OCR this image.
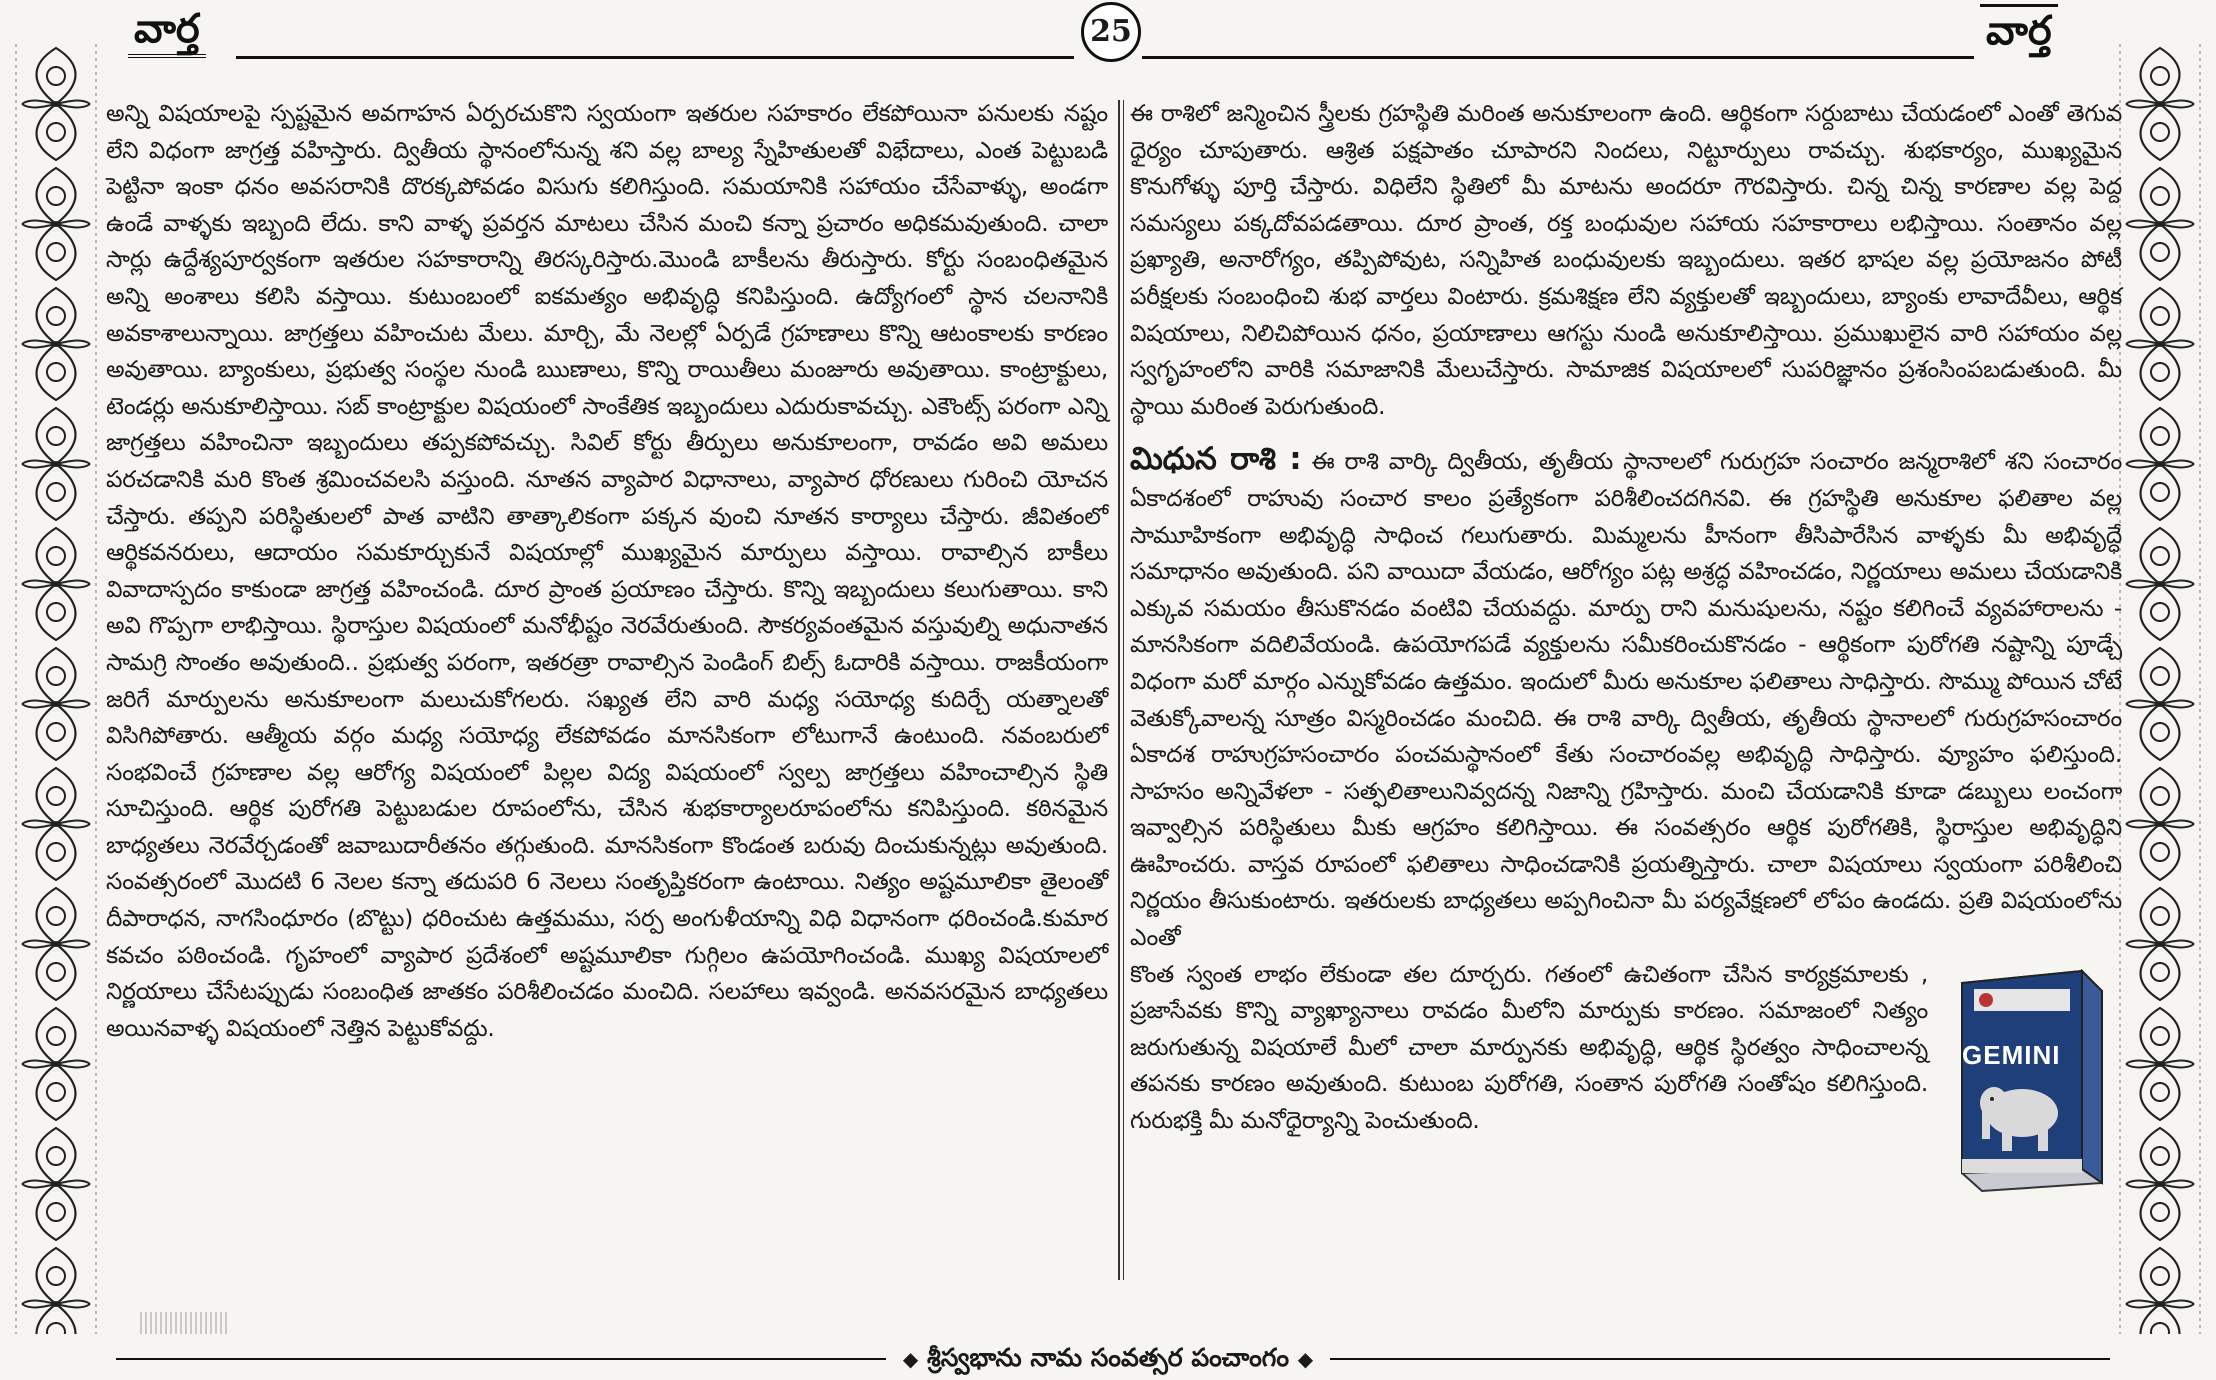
వార్త	25	వార్త

అన్ని విషయాలపై స్పష్టమైన అవగాహన ఏర్పరచుకొని స్వయంగా ఇతరుల సహకారం లేకపోయినా పనులకు నష్టం లేని విధంగా జాగ్రత్త వహిస్తారు. ద్వితీయ స్థానంలోనున్న శని వల్ల బాల్య స్నేహితులతో విభేదాలు, ఎంత పెట్టుబడి పెట్టినా ఇంకా ధనం అవసరానికి దొరక్కపోవడం విసుగు కలిగిస్తుంది. సమయానికి సహాయం చేసేవాళ్ళు, అండగా ఉండే వాళ్ళకు ఇబ్బంది లేదు. కాని వాళ్ళ ప్రవర్తన మాటలు చేసిన మంచి కన్నా ప్రచారం అధికమవుతుంది. చాలా సార్లు ఉద్దేశ్యపూర్వకంగా ఇతరుల సహకారాన్ని తిరస్కరిస్తారు.మొండి బాకీలను తీరుస్తారు. కోర్టు సంబంధితమైన అన్ని అంశాలు కలిసి వస్తాయి. కుటుంబంలో ఐకమత్యం అభివృద్ధి కనిపిస్తుంది. ఉద్యోగంలో స్థాన చలనానికి అవకాశాలున్నాయి. జాగ్రత్తలు వహించుట మేలు. మార్చి, మే నెలల్లో ఏర్పడే గ్రహణాలు కొన్ని ఆటంకాలకు కారణం అవుతాయి. బ్యాంకులు, ప్రభుత్వ సంస్థల నుండి ఋణాలు, కొన్ని రాయితీలు మంజూరు అవుతాయి. కాంట్రాక్టులు, టెండర్లు అనుకూలిస్తాయి. సబ్ కాంట్రాక్టుల విషయంలో సాంకేతిక ఇబ్బందులు ఎదురుకావచ్చు. ఎకౌంట్స్ పరంగా ఎన్ని జాగ్రత్తలు వహించినా ఇబ్బందులు తప్పకపోవచ్చు. సివిల్ కోర్టు తీర్పులు అనుకూలంగా, రావడం అవి అమలు పరచడానికి మరి కొంత శ్రమించవలసి వస్తుంది. నూతన వ్యాపార విధానాలు, వ్యాపార ధోరణులు గురించి యోచన చేస్తారు. తప్పని పరిస్థితులలో పాత వాటిని తాత్కాలికంగా పక్కన వుంచి నూతన కార్యాలు చేస్తారు. జీవితంలో ఆర్థికవనరులు, ఆదాయం సమకూర్చుకునే విషయాల్లో ముఖ్యమైన మార్పులు వస్తాయి. రావాల్సిన బాకీలు వివాదాస్పదం కాకుండా జాగ్రత్త వహించండి. దూర ప్రాంత ప్రయాణం చేస్తారు. కొన్ని ఇబ్బందులు కలుగుతాయి. కాని అవి గొప్పగా లాభిస్తాయి. స్థిరాస్తుల విషయంలో మనోభీష్టం నెరవేరుతుంది. సౌకర్యవంతమైన వస్తువుల్ని అధునాతన సామగ్రి సొంతం అవుతుంది.. ప్రభుత్వ పరంగా, ఇతరత్రా రావాల్సిన పెండింగ్ బిల్స్ ఓదారికి వస్తాయి. రాజకీయంగా జరిగే మార్పులను అనుకూలంగా మలుచుకోగలరు. సఖ్యత లేని వారి మధ్య సయోధ్య కుదిర్చే యత్నాలతో విసిగిపోతారు. ఆత్మీయ వర్గం మధ్య సయోధ్య లేకపోవడం మానసికంగా లోటుగానే ఉంటుంది. నవంబరులో సంభవించే గ్రహణాల వల్ల ఆరోగ్య విషయంలో పిల్లల విద్య విషయంలో స్వల్ప జాగ్రత్తలు వహించాల్సిన స్థితి సూచిస్తుంది. ఆర్థిక పురోగతి పెట్టుబడుల రూపంలోను, చేసిన శుభకార్యాలరూపంలోను కనిపిస్తుంది. కఠినమైన బాధ్యతలు నెరవేర్చడంతో జవాబుదారీతనం తగ్గుతుంది. మానసికంగా కొండంత బరువు దించుకున్నట్లు అవుతుంది. సంవత్సరంలో మొదటి 6 నెలల కన్నా తదుపరి 6 నెలలు సంతృప్తికరంగా ఉంటాయి. నిత్యం అష్టమూలికా తైలంతో దీపారాధన, నాగసింధూరం (బొట్టు) ధరించుట ఉత్తమము, సర్ప అంగుళీయాన్ని విధి విధానంగా ధరించండి.కుమార కవచం పఠించండి. గృహంలో వ్యాపార ప్రదేశంలో అష్టమూలికా గుగ్గిలం ఉపయోగించండి. ముఖ్య విషయాలలో నిర్ణయాలు చేసేటప్పుడు సంబంధిత జాతకం పరిశీలించడం మంచిది. సలహాలు ఇవ్వండి. అనవసరమైన బాధ్యతలు అయినవాళ్ళ విషయంలో నెత్తిన పెట్టుకోవద్దు.

ఈ రాశిలో జన్మించిన స్త్రీలకు గ్రహస్థితి మరింత అనుకూలంగా ఉంది. ఆర్థికంగా సర్దుబాటు చేయడంలో ఎంతో తెగువ ధైర్యం చూపుతారు. ఆశ్రిత పక్షపాతం చూపారని నిందలు, నిట్టూర్పులు రావచ్చు. శుభకార్యం, ముఖ్యమైన కొనుగోళ్ళు పూర్తి చేస్తారు. విధిలేని స్థితిలో మీ మాటను అందరూ గౌరవిస్తారు. చిన్న చిన్న కారణాల వల్ల పెద్ద సమస్యలు పక్కదోవపడతాయి. దూర ప్రాంత, రక్త బంధువుల సహాయ సహకారాలు లభిస్తాయి. సంతానం వల్ల ప్రఖ్యాతి, అనారోగ్యం, తప్పిపోవుట, సన్నిహిత బంధువులకు ఇబ్బందులు. ఇతర భాషల వల్ల ప్రయోజనం పోటీ పరీక్షలకు సంబంధించి శుభ వార్తలు వింటారు. క్రమశిక్షణ లేని వ్యక్తులతో ఇబ్బందులు, బ్యాంకు లావాదేవీలు, ఆర్థిక విషయాలు, నిలిచిపోయిన ధనం, ప్రయాణాలు ఆగస్టు నుండి అనుకూలిస్తాయి. ప్రముఖులైన వారి సహాయం వల్ల స్వగృహంలోని వారికి సమాజానికి మేలుచేస్తారు. సామాజిక విషయాలలో సుపరిజ్ఞానం ప్రశంసింపబడుతుంది. మీ స్థాయి మరింత పెరుగుతుంది.

మిధున రాశి : ఈ రాశి వార్కి ద్వితీయ, తృతీయ స్థానాలలో గురుగ్రహ సంచారం జన్మరాశిలో శని సంచారం ఏకాదశంలో రాహువు సంచార కాలం ప్రత్యేకంగా పరిశీలించదగినవి. ఈ గ్రహస్థితి అనుకూల ఫలితాల వల్ల సామూహికంగా అభివృద్ధి సాధించ గలుగుతారు. మిమ్మలను హీనంగా తీసిపారేసిన వాళ్ళకు మీ అభివృద్ధే సమాధానం అవుతుంది. పని వాయిదా వేయడం, ఆరోగ్యం పట్ల అశ్రద్ధ వహించడం, నిర్ణయాలు అమలు చేయడానికి ఎక్కువ సమయం తీసుకొనడం వంటివి చేయవద్దు. మార్పు రాని మనుషులను, నష్టం కలిగించే వ్యవహారాలను - మానసికంగా వదిలివేయండి. ఉపయోగపడే వ్యక్తులను సమీకరించుకొనడం - ఆర్థికంగా పురోగతి నష్టాన్ని పూడ్చే విధంగా మరో మార్గం ఎన్నుకోవడం ఉత్తమం. ఇందులో మీరు అనుకూల ఫలితాలు సాధిస్తారు. సొమ్ము పోయిన చోటే వెతుక్కోవాలన్న సూత్రం విస్మరించడం మంచిది. ఈ రాశి వార్కి ద్వితీయ, తృతీయ స్థానాలలో గురుగ్రహసంచారం ఏకాదశ రాహుగ్రహసంచారం పంచమస్థానంలో కేతు సంచారంవల్ల అభివృద్ధి సాధిస్తారు. వ్యూహం ఫలిస్తుంది. సాహసం అన్నివేళలా - సత్ఫలితాలునివ్వదన్న నిజాన్ని గ్రహిస్తారు. మంచి చేయడానికి కూడా డబ్బులు లంచంగా ఇవ్వాల్సిన పరిస్థితులు మీకు ఆగ్రహం కలిగిస్తాయి. ఈ సంవత్సరం ఆర్థిక పురోగతికి, స్థిరాస్తుల అభివృద్ధిని ఊహించరు. వాస్తవ రూపంలో ఫలితాలు సాధించడానికి ప్రయత్నిస్తారు. చాలా విషయాలు స్వయంగా పరిశీలించి నిర్ణయం తీసుకుంటారు. ఇతరులకు బాధ్యతలు అప్పగించినా మీ పర్యవేక్షణలో లోపం ఉండదు. ప్రతి విషయంలోను ఎంతో

GEMINI

కొంత స్వంత లాభం లేకుండా తల దూర్చరు. గతంలో ఉచితంగా చేసిన కార్యక్రమాలకు , ప్రజాసేవకు కొన్ని వ్యాఖ్యానాలు రావడం మీలోని మార్పుకు కారణం. సమాజంలో నిత్యం జరుగుతున్న విషయాలే మీలో చాలా మార్పునకు అభివృద్ధి, ఆర్థిక స్థిరత్వం సాధించాలన్న తపనకు కారణం అవుతుంది. కుటుంబ పురోగతి, సంతాన పురోగతి సంతోషం కలిగిస్తుంది. గురుభక్తి మీ మనోధైర్యాన్ని పెంచుతుంది.

◆ శ్రీస్వభాను నామ సంవత్సర పంచాంగం ◆
